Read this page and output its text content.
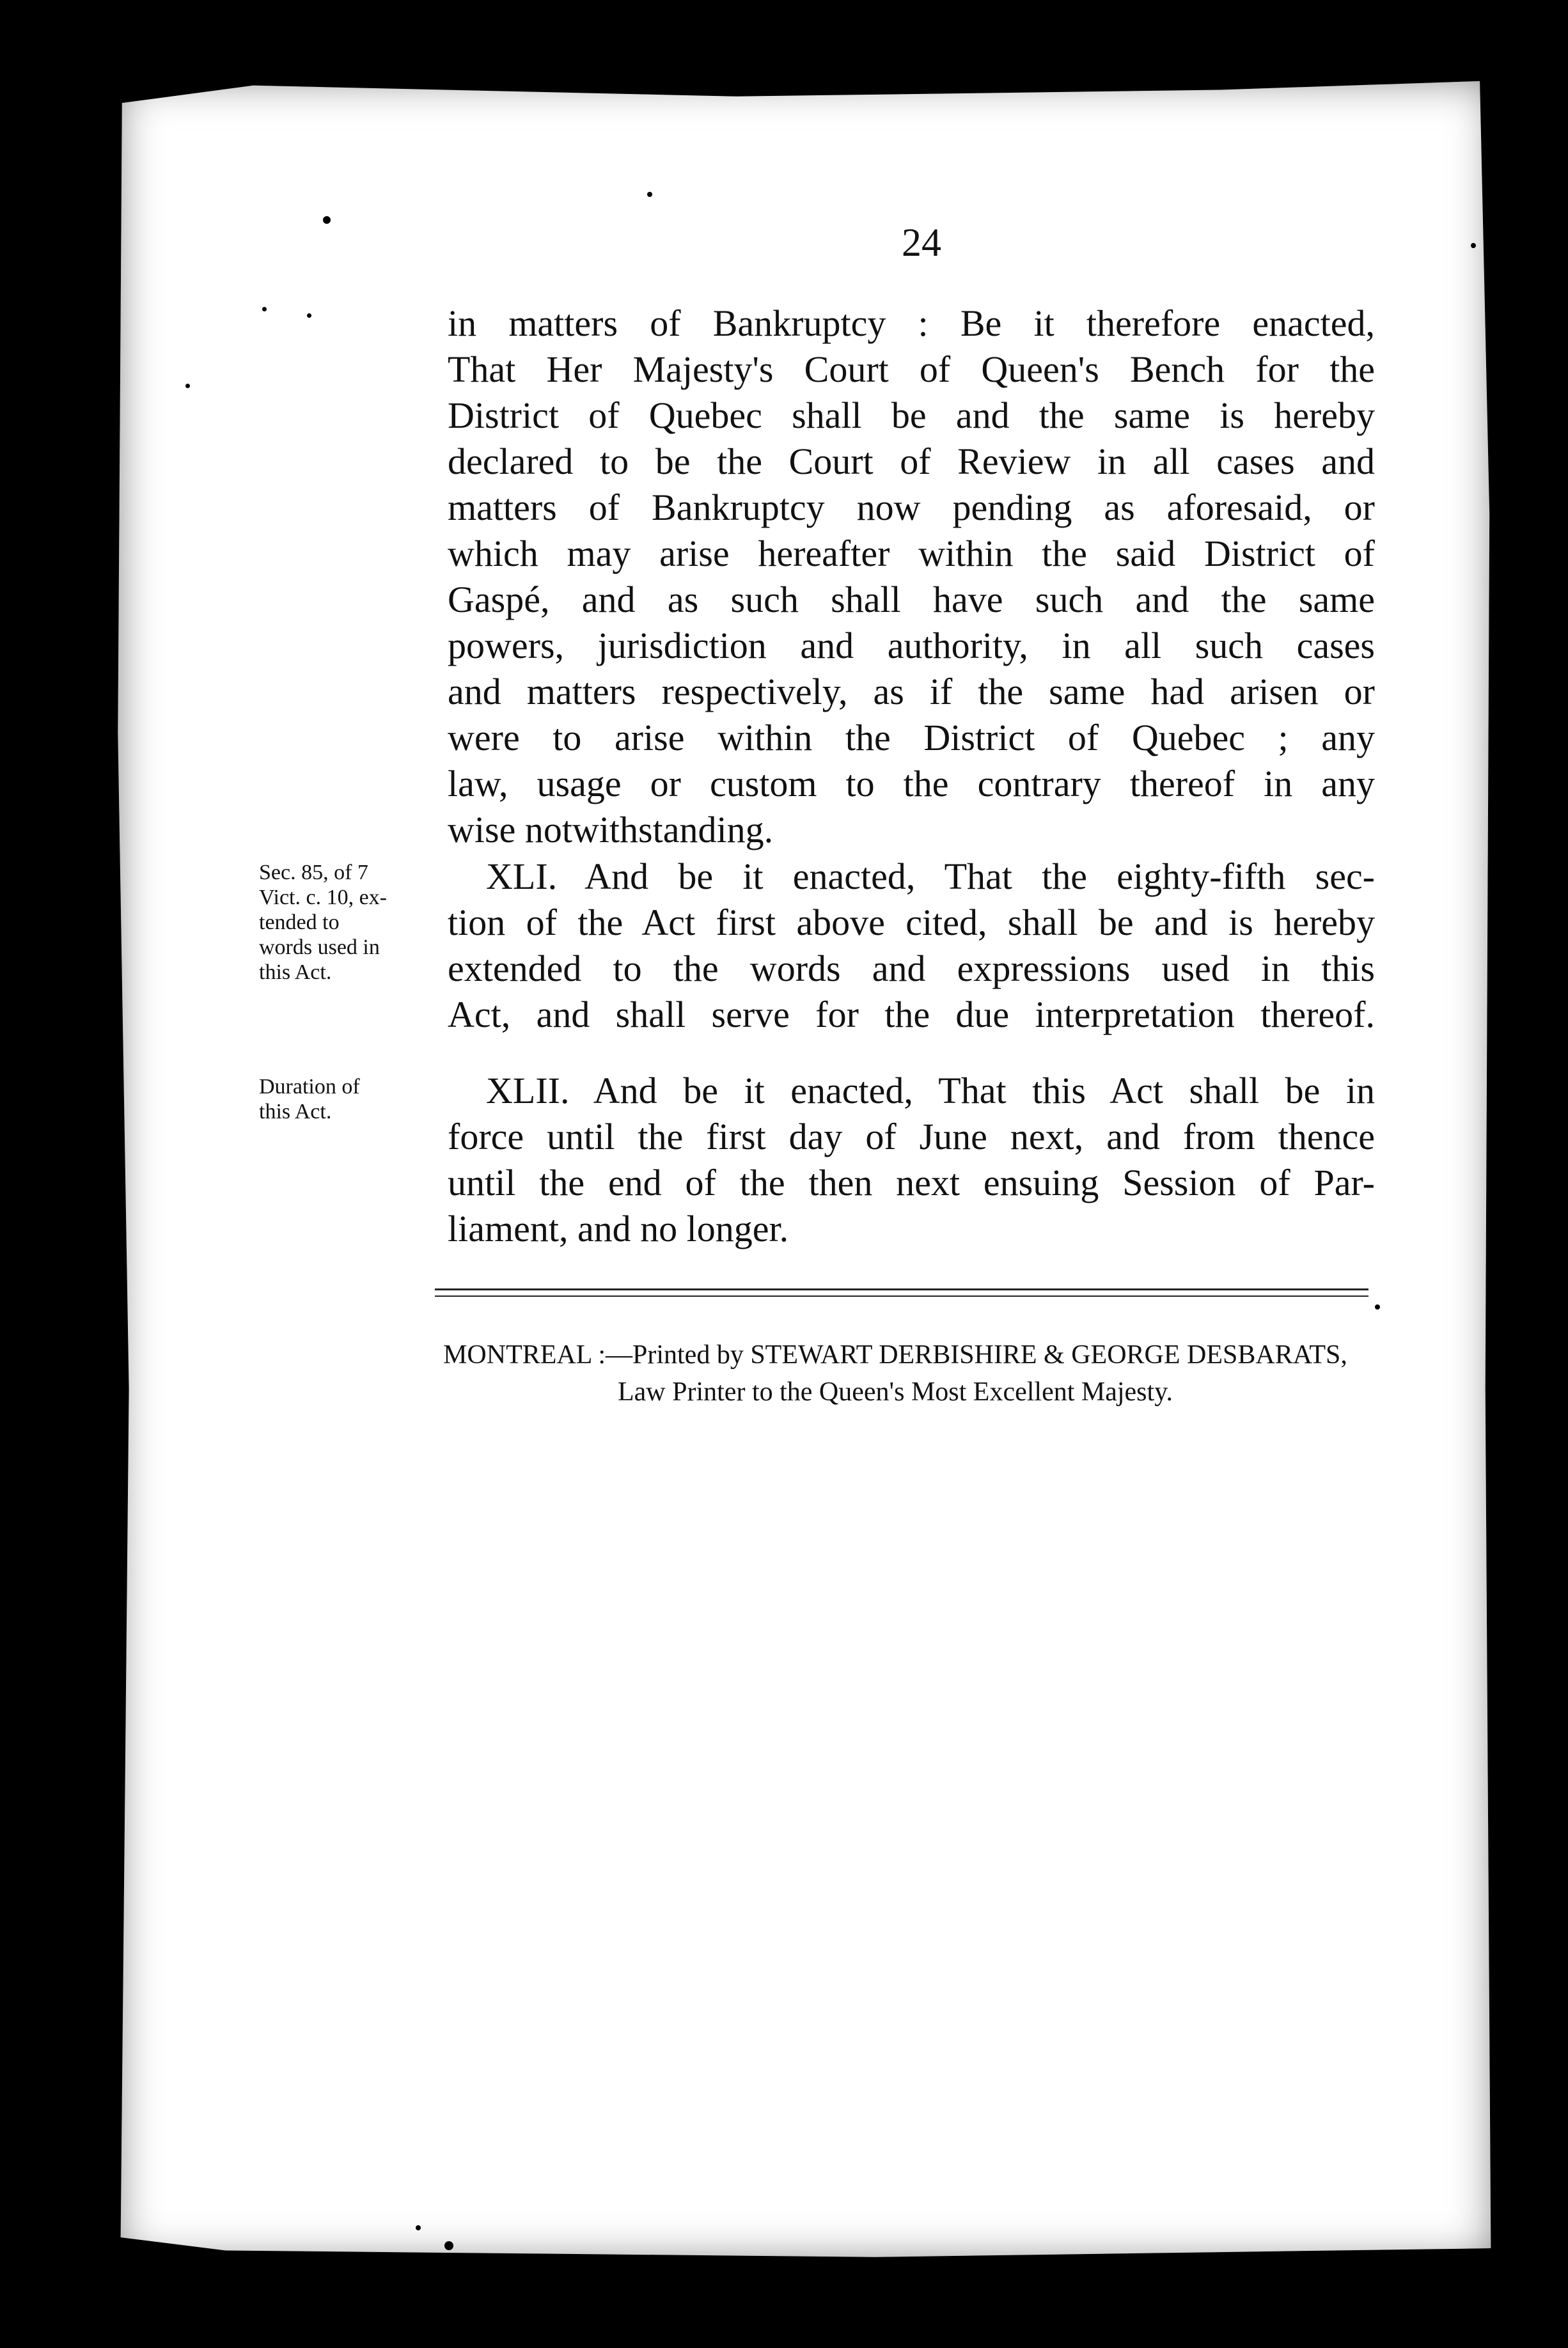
24
in matters of Bankruptcy : Be it therefore enacted,
That Her Majesty's Court of Queen's Bench for the
District of Quebec shall be and the same is hereby
declared to be the Court of Review in all cases and
matters of Bankruptcy now pending as aforesaid, or
which may arise hereafter within the said District of
Gaspé, and as such shall have such and the same
powers, jurisdiction and authority, in all such cases
and matters respectively, as if the same had arisen or
were to arise within the District of Quebec ; any
law, usage or custom to the contrary thereof in any
wise notwithstanding.
Sec. 85, of 7
Vict. c. 10, ex-
tended to
words used in
this Act.
XLI. And be it enacted, That the eighty-fifth sec-
tion of the Act first above cited, shall be and is hereby
extended to the words and expressions used in this
Act, and shall serve for the due interpretation thereof.
Duration of
this Act.
XLII. And be it enacted, That this Act shall be in
force until the first day of June next, and from thence
until the end of the then next ensuing Session of Par-
liament, and no longer.
MONTREAL :—Printed by STEWART DERBISHIRE & GEORGE DESBARATS,
Law Printer to the Queen's Most Excellent Majesty.
